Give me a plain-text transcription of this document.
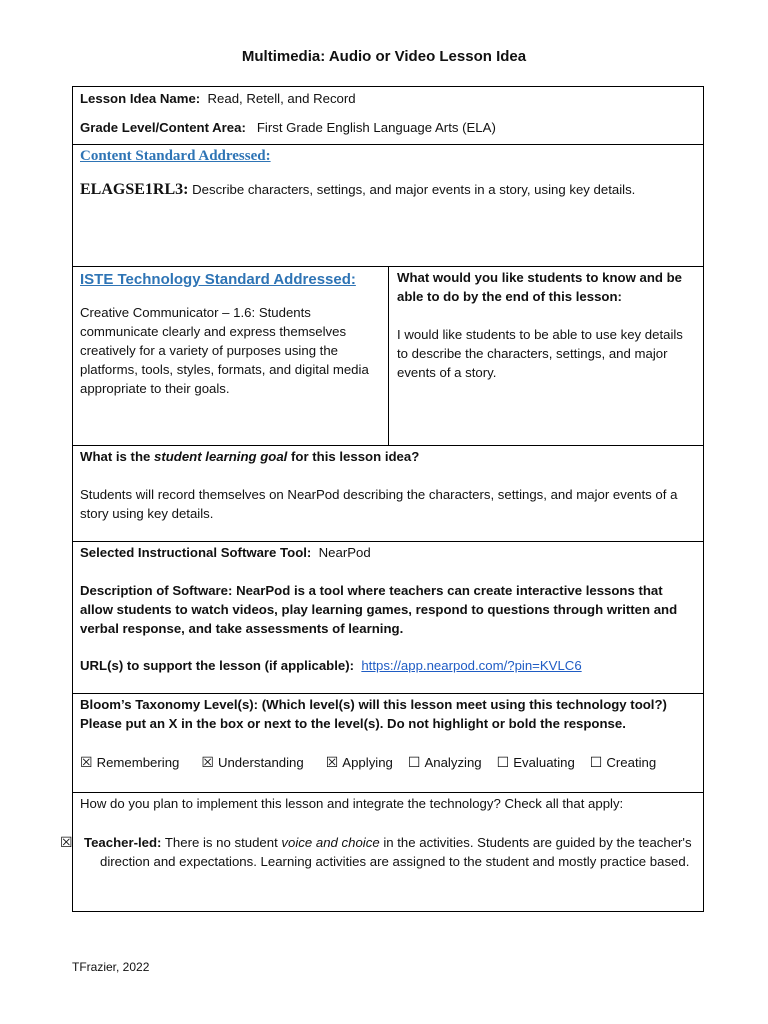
Multimedia: Audio or Video Lesson Idea

Lesson Idea Name: Read, Retell, and Record

Grade Level/Content Area: First Grade English Language Arts (ELA)

Content Standard Addressed:

ELAGSE1RL3: Describe characters, settings, and major events in a story, using key details.

ISTE Technology Standard Addressed:

Creative Communicator – 1.6: Students communicate clearly and express themselves creatively for a variety of purposes using the platforms, tools, styles, formats, and digital media appropriate to their goals.

What would you like students to know and be able to do by the end of this lesson:

I would like students to be able to use key details to describe the characters, settings, and major events of a story.

What is the student learning goal for this lesson idea?

Students will record themselves on NearPod describing the characters, settings, and major events of a story using key details.

Selected Instructional Software Tool: NearPod

Description of Software: NearPod is a tool where teachers can create interactive lessons that allow students to watch videos, play learning games, respond to questions through written and verbal response, and take assessments of learning.

URL(s) to support the lesson (if applicable): https://app.nearpod.com/?pin=KVLC6

Bloom’s Taxonomy Level(s): (Which level(s) will this lesson meet using this technology tool?)

Please put an X in the box or next to the level(s). Do not highlight or bold the response.

☒ Remembering ☒ Understanding ☒ Applying ☐ Analyzing ☐ Evaluating ☐ Creating

How do you plan to implement this lesson and integrate the technology? Check all that apply:

☒ Teacher-led: There is no student voice and choice in the activities. Students are guided by the teacher's direction and expectations. Learning activities are assigned to the student and mostly practice based.

TFrazier, 2022
